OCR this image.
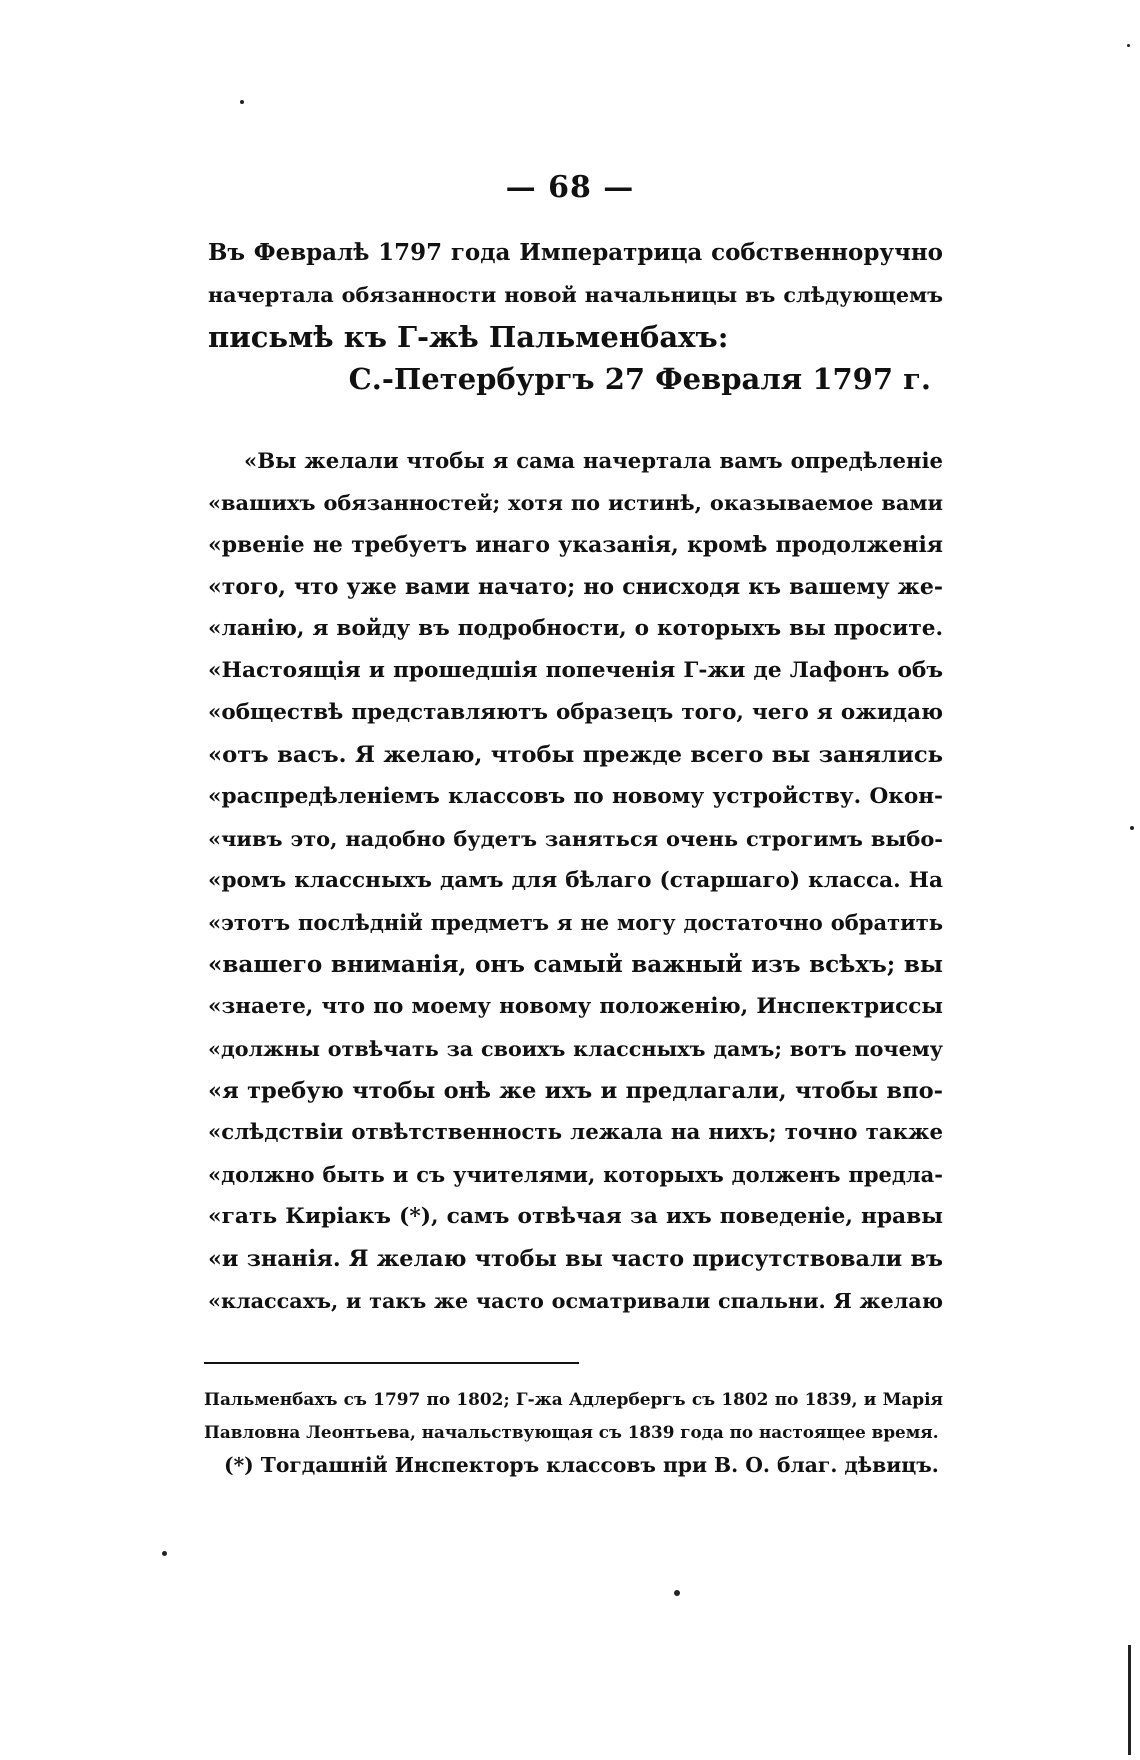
— 68 —
Въ Февралѣ 1797 года Императрица собственноручно
начертала обязанности новой начальницы въ слѣдующемъ
письмѣ къ Г-жѣ Пальменбахъ:
С.-Петербургъ 27 Февраля 1797 г.
«Вы желали чтобы я сама начертала вамъ опредѣленіе
«вашихъ обязанностей; хотя по истинѣ, оказываемое вами
«рвеніе не требуетъ инаго указанія, кромѣ продолженія
«того, что уже вами начато; но снисходя къ вашему же-
«ланію, я войду въ подробности, о которыхъ вы просите.
«Настоящія и прошедшія попеченія Г-жи де Лафонъ объ
«обществѣ представляютъ образецъ того, чего я ожидаю
«отъ васъ. Я желаю, чтобы прежде всего вы занялись
«распредѣленіемъ классовъ по новому устройству. Окон-
«чивъ это, надобно будетъ заняться очень строгимъ выбо-
«ромъ классныхъ дамъ для бѣлаго (старшаго) класса. На
«этотъ послѣдній предметъ я не могу достаточно обратить
«вашего вниманія, онъ самый важный изъ всѣхъ; вы
«знаете, что по моему новому положенію, Инспектриссы
«должны отвѣчать за своихъ классныхъ дамъ; вотъ почему
«я требую чтобы онѣ же ихъ и предлагали, чтобы впо-
«слѣдствіи отвѣтственность лежала на нихъ; точно также
«должно быть и съ учителями, которыхъ долженъ предла-
«гать Киріакъ (*), самъ отвѣчая за ихъ поведеніе, нравы
«и знанія. Я желаю чтобы вы часто присутствовали въ
«классахъ, и такъ же часто осматривали спальни. Я желаю
Пальменбахъ съ 1797 по 1802; Г-жа Адлербергъ съ 1802 по 1839, и Марія
Павловна Леонтьева, начальствующая съ 1839 года по настоящее время.
(*) Тогдашній Инспекторъ классовъ при В. О. благ. дѣвицъ.
